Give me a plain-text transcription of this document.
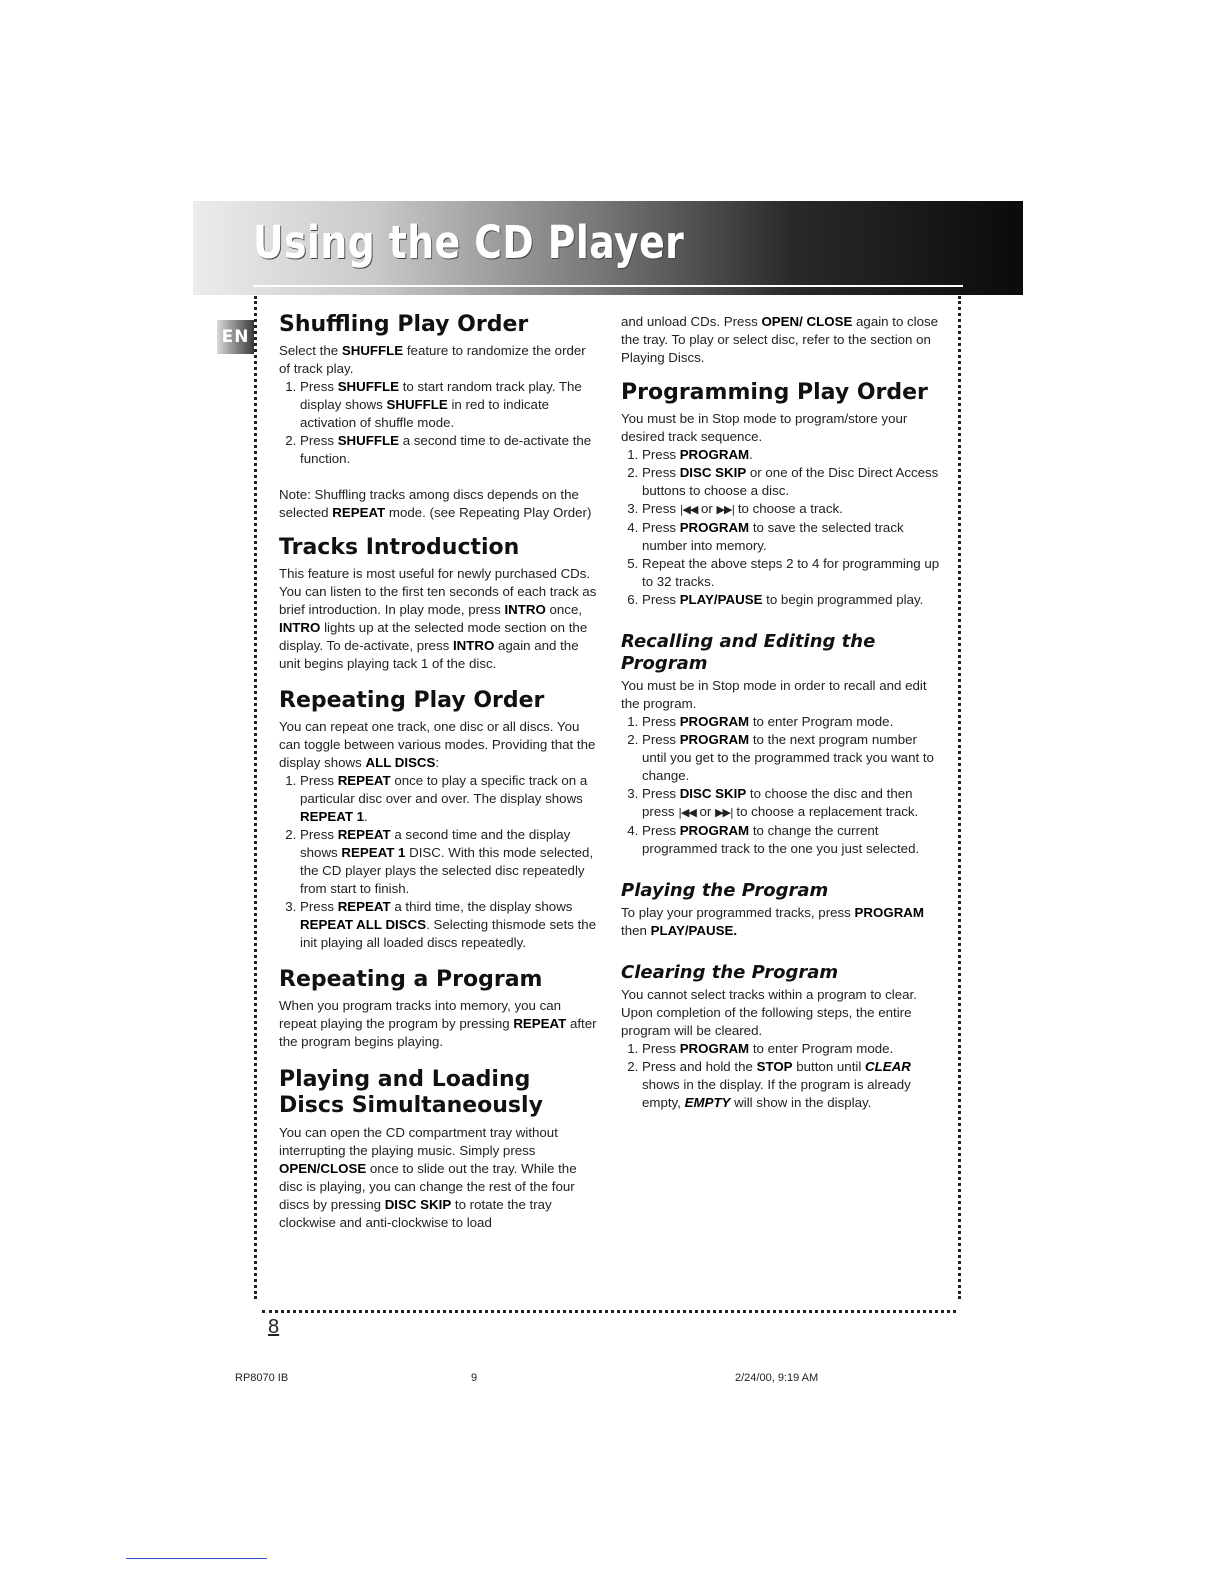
Using the CD Player
EN Shuffling Play Order

Select the SHUFFLE feature to randomize the order of track play.

1. Press SHUFFLE to start random track play. The display shows SHUFFLE in red to indicate activation of shuffle mode.
2. Press SHUFFLE a second time to de-activate the function.

Note: Shuffling tracks among discs depends on the selected REPEAT mode. (see Repeating Play Order)

Tracks Introduction

This feature is most useful for newly purchased CDs. You can listen to the first ten seconds of each track as brief introduction. In play mode, press INTRO once, INTRO lights up at the selected mode section on the display. To de-activate, press INTRO again and the unit begins playing tack 1 of the disc.

Repeating Play Order

You can repeat one track, one disc or all discs. You can toggle between various modes. Providing that the display shows ALL DISCS:

1. Press REPEAT once to play a specific track on a particular disc over and over. The display shows REPEAT 1.
2. Press REPEAT a second time and the display shows REPEAT 1 DISC. With this mode selected, the CD player plays the selected disc repeatedly from start to finish.
3. Press REPEAT a third time, the display shows REPEAT ALL DISCS. Selecting thismode sets the init playing all loaded discs repeatedly.
Repeating a Program

When you program tracks into memory, you can repeat playing the program by pressing REPEAT after the program begins playing.

Playing and Loading Discs Simultaneously

You can open the CD compartment tray without interrupting the playing music. Simply press OPEN/CLOSE once to slide out the tray. While the disc is playing, you can change the rest of the four discs by pressing DISC SKIP to rotate the tray clockwise and anti-clockwise to load

and unload CDs. Press OPEN/ CLOSE again to close the tray. To play or select disc, refer to the section on Playing Discs.

Programming Play Order

You must be in Stop mode to program/store your desired track sequence.

1. Press PROGRAM.
2. Press DISC SKIP or one of the Disc Direct Access buttons to choose a disc.
3. Press |◀◀ or ▶▶| to choose a track.
4. Press PROGRAM to save the selected track number into memory.
5. Repeat the above steps 2 to 4 for programming up to 32 tracks.
6. Press PLAY/PAUSE to begin programmed play.
Recalling and Editing the Program

You must be in Stop mode in order to recall and edit the program.

1. Press PROGRAM to enter Program mode.
2. Press PROGRAM to the next program number until you get to the programmed track you want to change.
3. Press DISC SKIP to choose the disc and then press |◀◀ or ▶▶| to choose a replacement track.
4. Press PROGRAM to change the current programmed track to the one you just selected.
Playing the Program

To play your programmed tracks, press PROGRAM then PLAY/PAUSE.

Clearing the Program

You cannot select tracks within a program to clear. Upon completion of the following steps, the entire program will be cleared.

1. Press PROGRAM to enter Program mode.
2. Press and hold the STOP button until CLEAR shows in the display. If the program is already empty, EMPTY will show in the display.
8
RP8070 IB	9	2/24/00, 9:19 AM
